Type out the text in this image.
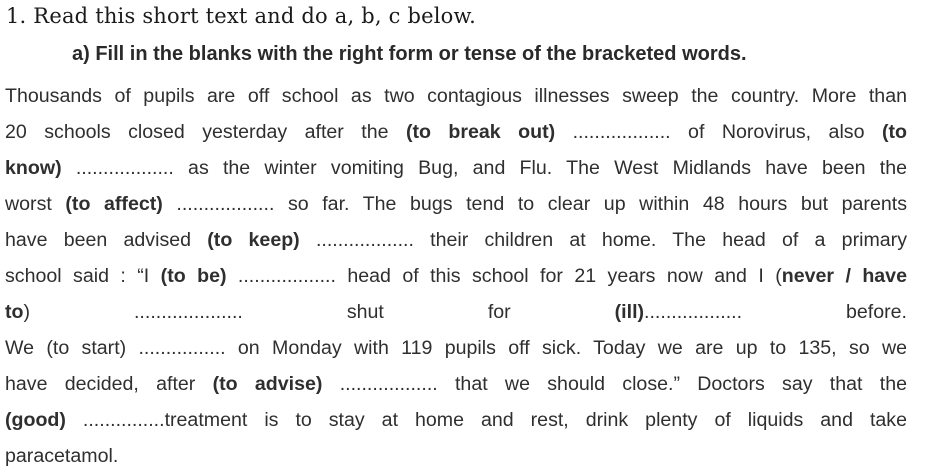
1. Read this short text and do a, b, c below.
a) Fill in the blanks with the right form or tense of the bracketed words.
Thousands of pupils are off school as two contagious illnesses sweep the country. More than
20 schools closed yesterday after the (to break out) .................. of Norovirus, also (to
know) .................. as the winter vomiting Bug, and Flu. The West Midlands have been the
worst (to affect) .................. so far. The bugs tend to clear up within 48 hours but parents
have been advised (to keep) .................. their children at home. The head of a primary
school said : “I (to be) .................. head of this school for 21 years now and I (never / have
to) .................... shut for (ill).................. before.
We (to start) ................ on Monday with 119 pupils off sick. Today we are up to 135, so we
have decided, after (to advise) .................. that we should close.” Doctors say that the
(good) ...............treatment is to stay at home and rest, drink plenty of liquids and take
paracetamol.
